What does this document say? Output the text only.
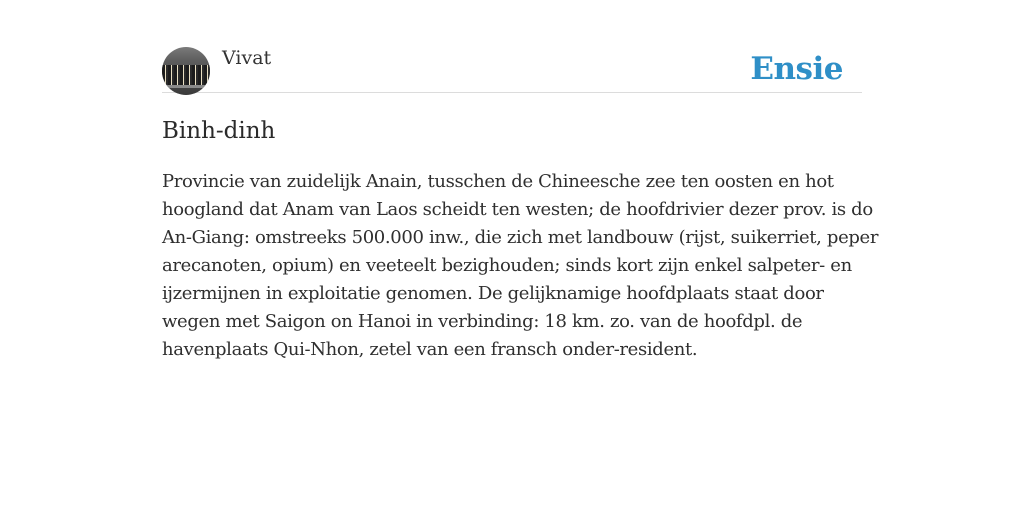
Vivat	Ensie
Binh-dinh

Provincie van zuidelijk Anain, tusschen de Chineesche zee ten oosten en hot hoogland dat Anam van Laos scheidt ten westen; de hoofdrivier dezer prov. is do An-Giang: omstreeks 500.000 inw., die zich met landbouw (rijst, suikerriet, peper arecanoten, opium) en veeteelt bezighouden; sinds kort zijn enkel salpeter- en ijzermijnen in exploitatie genomen. De gelijknamige hoofdplaats staat door wegen met Saigon on Hanoi in verbinding: 18 km. zo. van de hoofdpl. de havenplaats Qui-Nhon, zetel van een fransch onder-resident.
